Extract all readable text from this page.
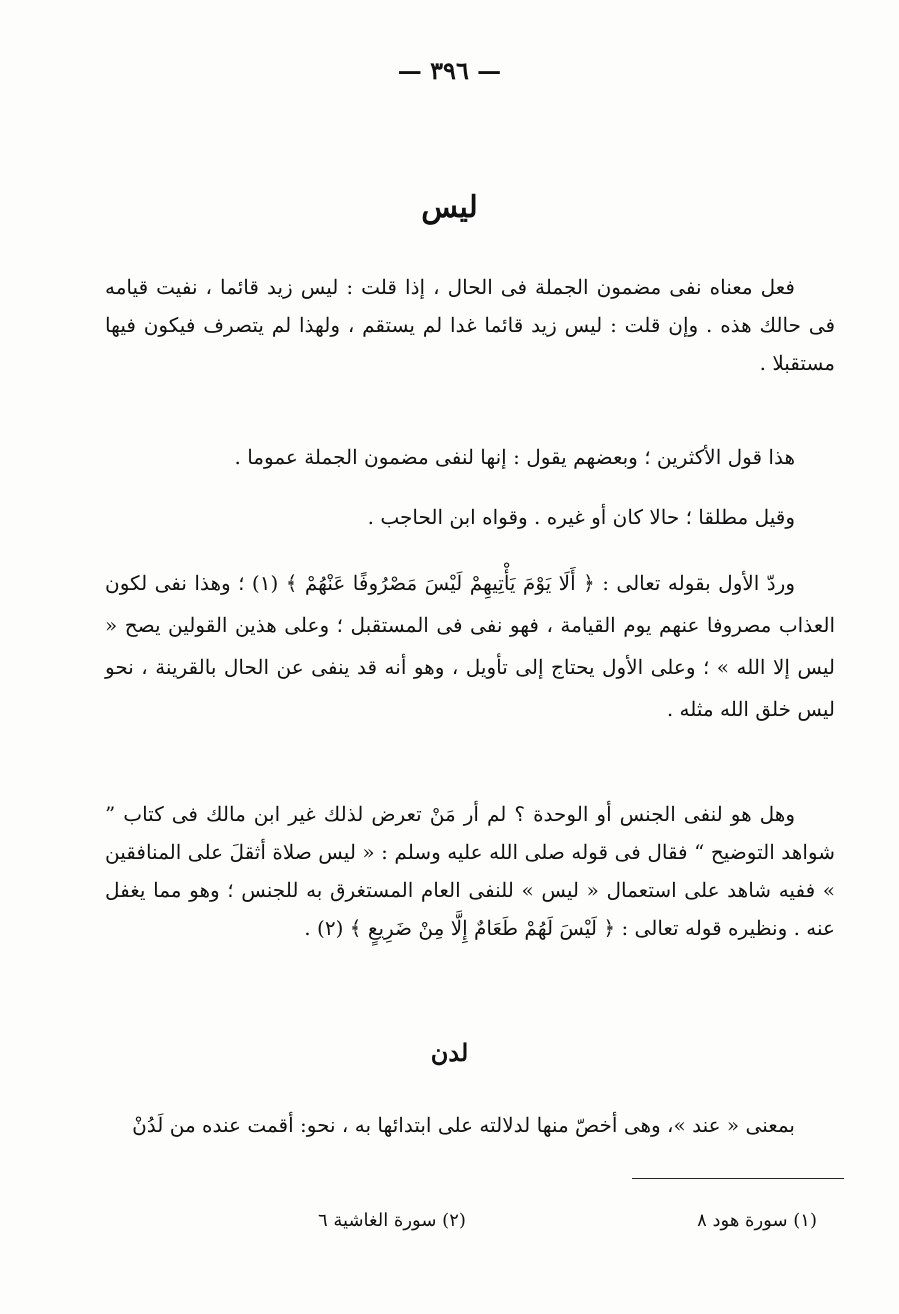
— ٣٩٦ —
ليس

فعل معناه نفى مضمون الجملة فى الحال ، إذا قلت : ليس زيد قائما ، نفيت قيامه فى حالك هذه . وإن قلت : ليس زيد قائما غدا لم يستقم ، ولهذا لم يتصرف فيكون فيها مستقبلا .

هذا قول الأكثرين ؛ وبعضهم يقول : إنها لنفى مضمون الجملة عموما .

وقيل مطلقا ؛ حالا كان أو غيره . وقواه ابن الحاجب .

وردّ الأول بقوله تعالى : ﴿ أَلَا يَوْمَ يَأْتِيهِمْ لَيْسَ مَصْرُوفًا عَنْهُمْ ﴾ (١) ؛ وهذا نفى لكون العذاب مصروفا عنهم يوم القيامة ، فهو نفى فى المستقبل ؛ وعلى هذين القولين يصح « ليس إلا الله » ؛ وعلى الأول يحتاج إلى تأويل ، وهو أنه قد ينفى عن الحال بالقرينة ، نحو ليس خلق الله مثله .

وهل هو لنفى الجنس أو الوحدة ؟ لم أر مَنْ تعرض لذلك غير ابن مالك فى كتاب ” شواهد التوضيح “ فقال فى قوله صلى الله عليه وسلم : « ليس صلاة أثقلَ على المنافقين » ففيه شاهد على استعمال « ليس » للنفى العام المستغرق به للجنس ؛ وهو مما يغفل عنه . ونظيره قوله تعالى : ﴿ لَيْسَ لَهُمْ طَعَامٌ إِلَّا مِنْ ضَرِيعٍ ﴾ (٢) .

لدن

بمعنى « عند »، وهى أخصّ منها لدلالته على ابتدائها به ، نحو: أقمت عنده من لَدُنْ

(١) سورة هود ٨
(٢) سورة الغاشية ٦
